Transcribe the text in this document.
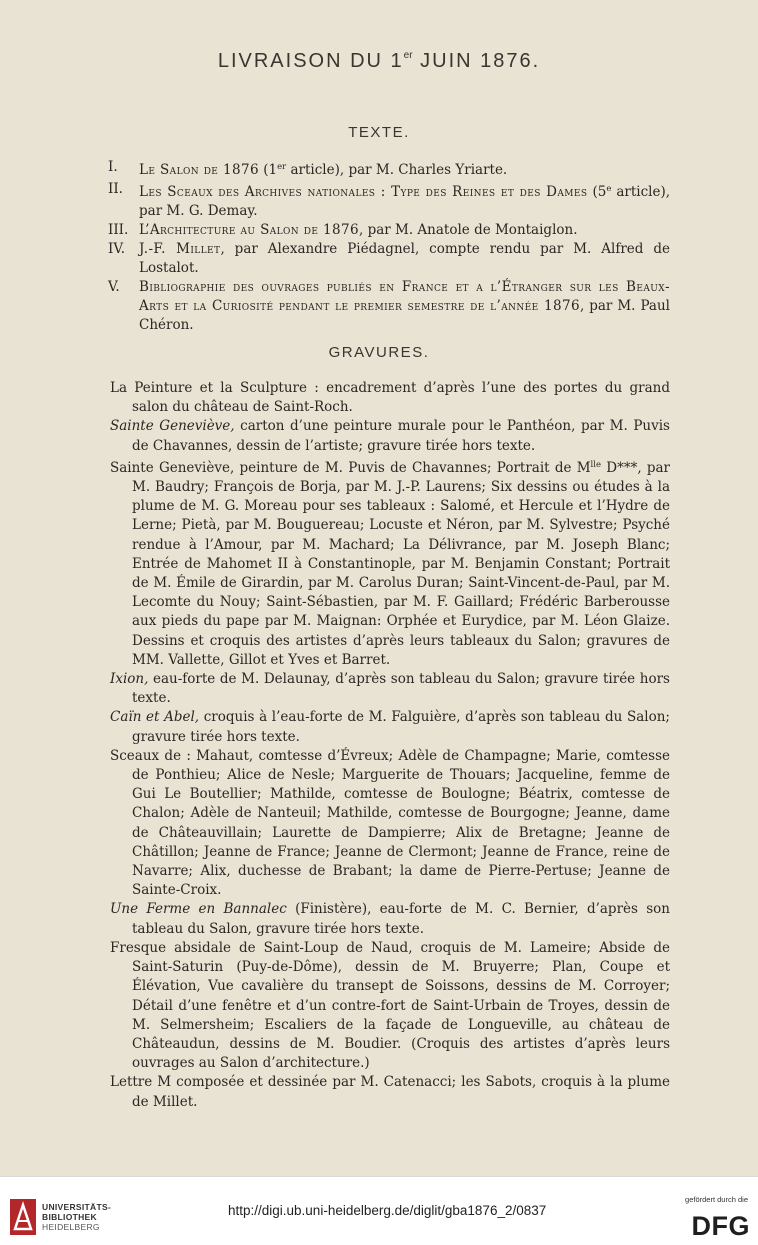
LIVRAISON DU 1er JUIN 1876.
TEXTE.
I.	Le Salon de 1876 (1er article), par M. Charles Yriarte.
II.	Les Sceaux des Archives nationales : Type des Reines et des Dames (5e article), par M. G. Demay.
III. L’Architecture au Salon de 1876, par M. Anatole de Montaiglon.
IV.	J.-F. Millet, par Alexandre Piédagnel, compte rendu par M. Alfred de Lostalot.
V.	Bibliographie des ouvrages publiés en France et a l’Étranger sur les Beaux-Arts et la Curiosité pendant le premier semestre de l’année 1876, par M. Paul Chéron.
GRAVURES.
La Peinture et la Sculpture : encadrement d’après l’une des portes du grand salon du château de Saint-Roch.
Sainte Geneviève, carton d’une peinture murale pour le Panthéon, par M. Puvis de Chavannes, dessin de l’artiste; gravure tirée hors texte.
Sainte Geneviève, peinture de M. Puvis de Chavannes; Portrait de $M^{lle}$ D***, par M. Baudry; François de Borja, par M. J.-P. Laurens; Six dessins ou études à la plume de M. G. Moreau pour ses tableaux : Salomé, et Hercule et l’Hydre de Lerne; Pietà, par M. Bouguereau; Locuste et Néron, par M. Sylvestre; Psyché rendue à l’Amour, par M. Machard; La Délivrance, par M. Joseph Blanc; Entrée de Mahomet II à Constantinople, par M. Benjamin Constant; Portrait de M. Émile de Girardin, par M. Carolus Duran; Saint-Vincent-de-Paul, par M. Lecomte du Nouy; Saint-Sébastien, par M. F. Gaillard; Frédéric Barberousse aux pieds du pape par M. Maignan: Orphée et Eurydice, par M. Léon Glaize. Dessins et croquis des artistes d’après leurs tableaux du Salon; gravures de MM. Vallette, Gillot et Yves et Barret.
Ixion, eau-forte de M. Delaunay, d’après son tableau du Salon; gravure tirée hors texte.
Caïn et Abel, croquis à l’eau-forte de M. Falguière, d’après son tableau du Salon; gravure tirée hors texte.
Sceaux de : Mahaut, comtesse d’Évreux; Adèle de Champagne; Marie, comtesse de Ponthieu; Alice de Nesle; Marguerite de Thouars; Jacqueline, femme de Gui Le Boutellier; Mathilde, comtesse de Boulogne; Béatrix, comtesse de Chalon; Adèle de Nanteuil; Mathilde, comtesse de Bourgogne; Jeanne, dame de Châteauvillain; Laurette de Dampierre; Alix de Bretagne; Jeanne de Châtillon; Jeanne de France; Jeanne de Clermont; Jeanne de France, reine de Navarre; Alix, duchesse de Brabant; la dame de Pierre-Pertuse; Jeanne de Sainte-Croix.
Une Ferme en Bannalec (Finistère), eau-forte de M. C. Bernier, d’après son tableau du Salon, gravure tirée hors texte.
Fresque absidale de Saint-Loup de Naud, croquis de M. Lameire; Abside de Saint-Saturin (Puy-de-Dôme), dessin de M. Bruyerre; Plan, Coupe et Élévation, Vue cavalière du transept de Soissons, dessins de M. Corroyer; Détail d’une fenêtre et d’un contre-fort de Saint-Urbain de Troyes, dessin de M. Selmersheim; Escaliers de la façade de Longueville, au château de Châteaudun, dessins de M. Boudier. (Croquis des artistes d’après leurs ouvrages au Salon d’architecture.)
Lettre M composée et dessinée par M. Catenacci; les Sabots, croquis à la plume de Millet.
UNIVERSITÄTS-
BIBLIOTHEK
HEIDELBERG
http://digi.ub.uni-heidelberg.de/diglit/gba1876_2/0837
gefördert durch die
DFG
